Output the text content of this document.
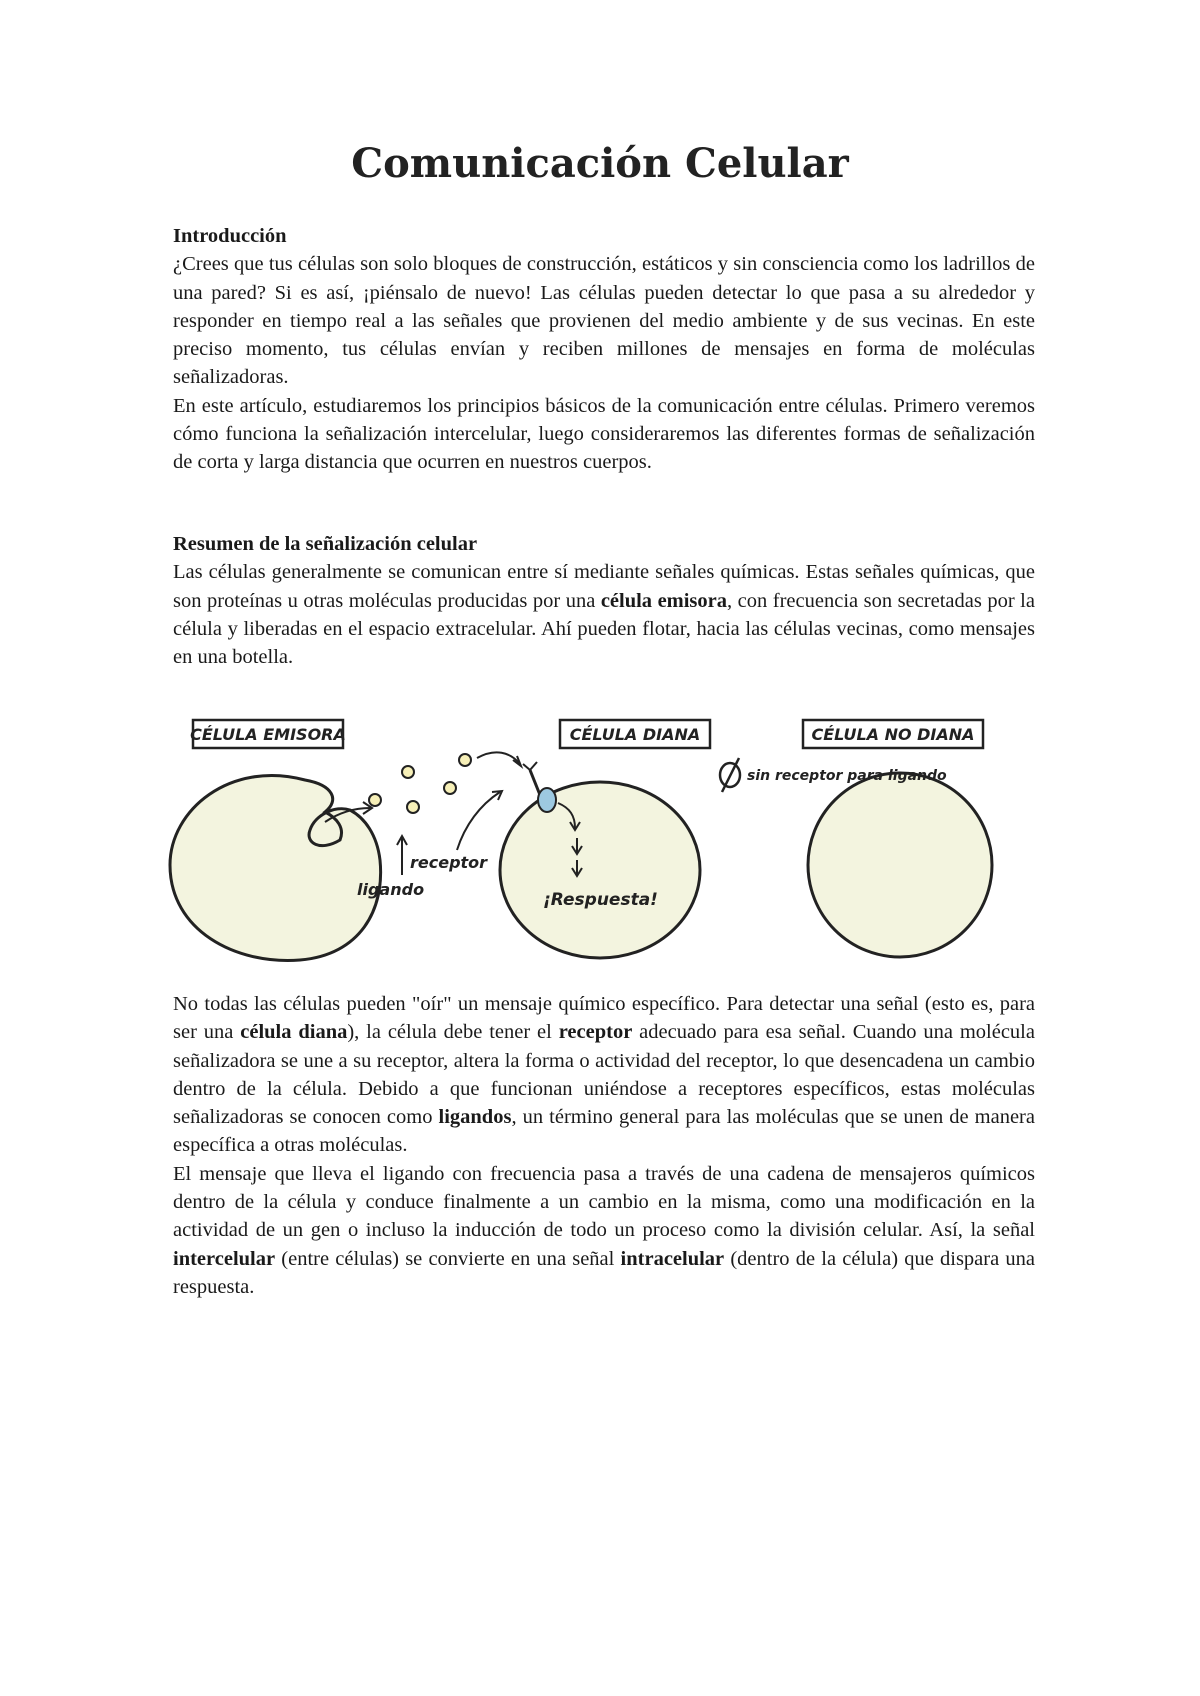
Comunicación Celular
Introducción

¿Crees que tus células son solo bloques de construcción, estáticos y sin consciencia como los ladrillos de una pared? Si es así, ¡piénsalo de nuevo! Las células pueden detectar lo que pasa a su alrededor y responder en tiempo real a las señales que provienen del medio ambiente y de sus vecinas. En este preciso momento, tus células envían y reciben millones de mensajes en forma de moléculas señalizadoras.

En este artículo, estudiaremos los principios básicos de la comunicación entre células. Primero veremos cómo funciona la señalización intercelular, luego consideraremos las diferentes formas de señalización de corta y larga distancia que ocurren en nuestros cuerpos.

Resumen de la señalización celular

Las células generalmente se comunican entre sí mediante señales químicas. Estas señales químicas, que son proteínas u otras moléculas producidas por una célula emisora, con frecuencia son secretadas por la célula y liberadas en el espacio extracelular. Ahí pueden flotar, hacia las células vecinas, como mensajes en una botella.

CÉLULA EMISORA	CÉLULA DIANA	CÉLULA NO DIANA
¡Respuesta!
receptor
ligando
sin receptor para ligando

No todas las células pueden "oír" un mensaje químico específico. Para detectar una señal (esto es, para ser una célula diana), la célula debe tener el receptor adecuado para esa señal. Cuando una molécula señalizadora se une a su receptor, altera la forma o actividad del receptor, lo que desencadena un cambio dentro de la célula. Debido a que funcionan uniéndose a receptores específicos, estas moléculas señalizadoras se conocen como ligandos, un término general para las moléculas que se unen de manera específica a otras moléculas.

El mensaje que lleva el ligando con frecuencia pasa a través de una cadena de mensajeros químicos dentro de la célula y conduce finalmente a un cambio en la misma, como una modificación en la actividad de un gen o incluso la inducción de todo un proceso como la división celular. Así, la señal intercelular (entre células) se convierte en una señal intracelular (dentro de la célula) que dispara una respuesta.
